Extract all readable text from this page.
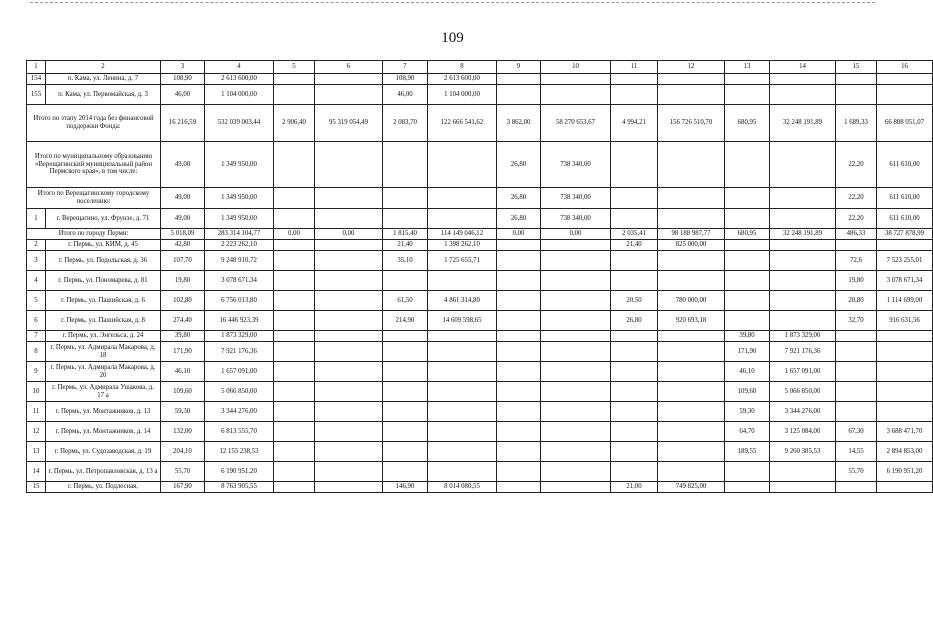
109
1	2	3	4	5	6	7	8	9	10	11	12	13	14	15	16
154	п. Кама, ул. Ленина, д. 7	108,90	2 613 600,00			108,90	2 613 600,00								
155	п. Кама, ул. Первомайская, д. 3	46,00	1 104 000,00			46,00	1 104 000,00								
Итого по этапу 2014 года без финансовой поддержки Фонда:		16 216,59	532 039 003,44	2 906,40	95 319 054,49	2 083,70	122 666 541,62	3 862,00	58 270 653,67	4 994,21	156 726 510,70	680,95	32 248 191,89	1 689,33	66 808 051,07
Итого по муниципальному образованию «Верещагинский муниципальный район Пермского края», в том числе:		49,00	1 349 950,00					26,80	738 340,00					22,20	611 610,00
Итого по Верещагинскому городскому поселению:		49,00	1 349 950,00					26,80	738 340,00					22,20	611 610,00
1	г. Верещагино, ул. Фрунзе, д. 71	49,00	1 349 950,00					26,80	738 340,00					22,20	611 610,00
Итого по городу Перми:		5 018,09	283 314 104,77	0,00	0,00	1 815,40	114 149 046,12	0,00	0,00	2 035,41	98 188 987,77	680,95	32 248 191,89	486,33	38 727 878,99
2	г. Пермь, ул. КИМ, д. 45	42,80	2 223 262,10			21,40	1 398 262,10			21,40	825 000,00				
3	г. Пермь, ул. Подольская, д. 36	107,70	9 248 910,72			35,10	1 725 655,71							72,6	7 523 255,01
4	г. Пермь, ул. Пономарева, д. 81	19,80	3 078 671,34											19,80	3 078 671,34
5	г. Пермь, ул. Пашийская, д. 6	102,80	6 756 013,80			61,50	4 861 314,80			20,50	780 000,00			20,80	1 114 699,00
6	г. Пермь, ул. Пашийская, д. 8	274,40	16 446 923,39			214,90	14 609 598,65			26,80	920 693,18			32,70	916 631,56
7	г. Пермь, ул. Энгельса, д. 24	39,80	1 873 329,00									39,80	1 873 329,00		
8	г. Пермь, ул. Адмирала Макарова, д. 18	171,90	7 921 176,36									171,90	7 921 176,36		
9	г. Пермь, ул. Адмирала Макарова, д. 20	46,10	1 657 091,00									46,10	1 657 091,00		
10	г. Пермь, ул. Адмирала Ушакова, д. 17 а	109,60	5 066 850,00									109,60	5 066 850,00		
11	г. Пермь, ул. Монтажников, д. 13	59,30	3 344 276,00									59,30	3 344 276,00		
12	г. Пермь, ул. Монтажников, д. 14	132,00	6 813 555,70									64,70	3 125 084,00	67,30	3 688 471,70
13	г. Пермь, ул. Судозаводская, д. 19	204,10	12 155 238,53									189,55	9 260 385,53	14,55	2 894 853,00
14	г. Пермь, ул. Петропавловская, д. 13 а	55,70	6 190 951,20											55,70	6 190 951,20
15	г. Пермь, ул. Подлесная,	167,90	8 763 905,55			146,90	8 014 080,55			21,00	749 825,00				
